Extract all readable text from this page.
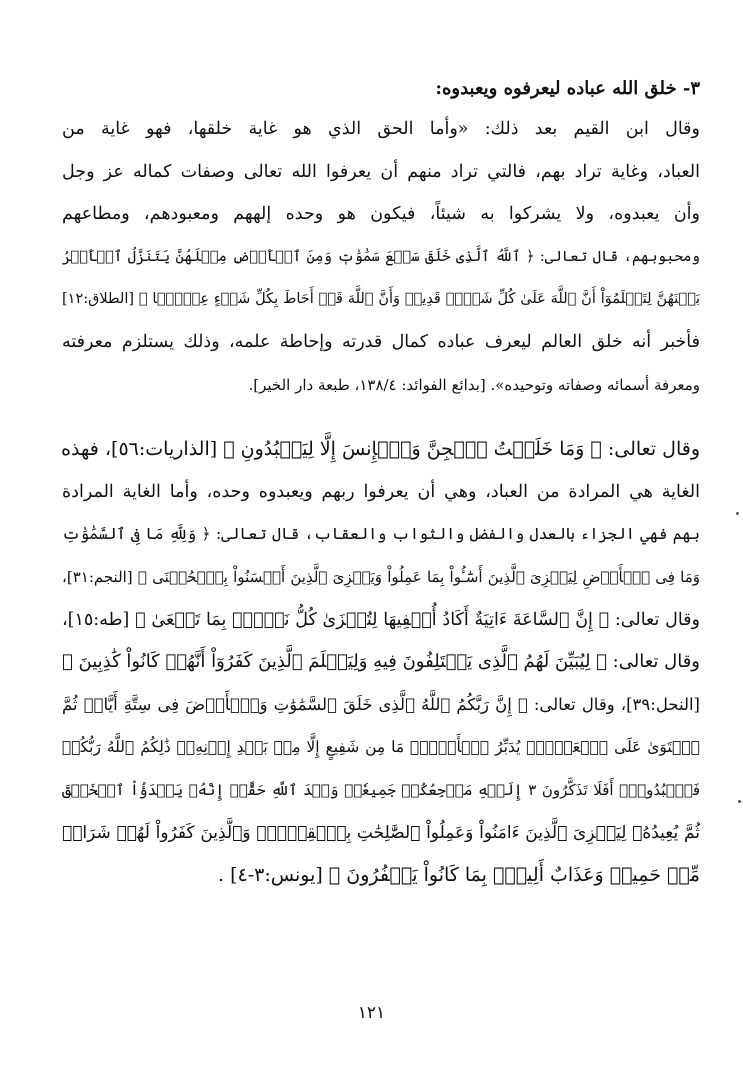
٣- خلق الله عباده ليعرفوه ويعبدوه:
وقال ابن القيم بعد ذلك: «وأما الحق الذي هو غاية خلقها، فهو غاية من
العباد، وغاية تراد بهم، فالتي تراد منهم أن يعرفوا الله تعالى وصفات كماله عز وجل
وأن يعبدوه، ولا يشركوا به شيئاً، فيكون هو وحده إلههم ومعبودهم، ومطاعهم
ومحبوبهم، قال تعالى: ﴿ ٱللَّهُ ٱلَّذِى خَلَقَ سَبۡعَ سَمَٰوَٰتٖ وَمِنَ ٱلۡأَرۡضِ مِثۡلَهُنَّ يَتَنَزَّلُ ٱلۡأَمۡرُ
بَيۡنَهُنَّ لِتَعۡلَمُوٓاْ أَنَّ ٱللَّهَ عَلَىٰ كُلِّ شَيۡءٖ قَدِيرٞ وَأَنَّ ٱللَّهَ قَدۡ أَحَاطَ بِكُلِّ شَيۡءٍ عِلۡمَۢا ﴾ [الطلاق:١٢]
فأخبر أنه خلق العالم ليعرف عباده كمال قدرته وإحاطة علمه، وذلك يستلزم معرفته
ومعرفة أسمائه وصفاته وتوحيده». [بدائع الفوائد: ١٣٨/٤، طبعة دار الخير].
وقال تعالى: ﴿ وَمَا خَلَقۡتُ ٱلۡجِنَّ وَٱلۡإِنسَ إِلَّا لِيَعۡبُدُونِ ﴾ [الذاريات:٥٦]، فهذه
الغاية هي المرادة من العباد، وهي أن يعرفوا ربهم ويعبدوه وحده، وأما الغاية المرادة
بهم فهي الجزاء بالعدل والفضل والثواب والعقاب، قال تعالى: ﴿ وَلِلَّهِ مَا فِى ٱلسَّمَٰوَٰتِ
وَمَا فِى ٱلۡأَرۡضِ لِيَجۡزِىَ ٱلَّذِينَ أَسَٰٓـُٔواْ بِمَا عَمِلُواْ وَيَجۡزِىَ ٱلَّذِينَ أَحۡسَنُواْ بِٱلۡحُسۡنَى ﴾ [النجم:٣١]،
وقال تعالى: ﴿ إِنَّ ٱلسَّاعَةَ ءَاتِيَةٌ أَكَادُ أُخۡفِيهَا لِتُجۡزَىٰ كُلُّ نَفۡسِۭ بِمَا تَسۡعَىٰ ﴾ [طه:١٥]،
وقال تعالى: ﴿ لِيُبَيِّنَ لَهُمُ ٱلَّذِى يَخۡتَلِفُونَ فِيهِ وَلِيَعۡلَمَ ٱلَّذِينَ كَفَرُوٓاْ أَنَّهُمۡ كَانُواْ كَٰذِبِينَ ﴾
[النحل:٣٩]، وقال تعالى: ﴿ إِنَّ رَبَّكُمُ ٱللَّهُ ٱلَّذِى خَلَقَ ٱلسَّمَٰوَٰتِ وَٱلۡأَرۡضَ فِى سِتَّةِ أَيَّامٖ ثُمَّ
ٱسۡتَوَىٰ عَلَى ٱلۡعَرۡشِۖ يُدَبِّرُ ٱلۡأَمۡرَۖ مَا مِن شَفِيعٍ إِلَّا مِنۢ بَعۡدِ إِذۡنِهِۦۚ ذَٰلِكُمُ ٱللَّهُ رَبُّكُمۡ
فَٱعۡبُدُوهُۚ أَفَلَا تَذَكَّرُونَ ٣ إِلَيۡهِ مَرۡجِعُكُمۡ جَمِيعٗاۖ وَعۡدَ ٱللَّهِ حَقًّاۚ إِنَّهُۥ يَبۡدَؤُاْ ٱلۡخَلۡقَ
ثُمَّ يُعِيدُهُۥ لِيَجۡزِىَ ٱلَّذِينَ ءَامَنُواْ وَعَمِلُواْ ٱلصَّٰلِحَٰتِ بِٱلۡقِسۡطِۚ وَٱلَّذِينَ كَفَرُواْ لَهُمۡ شَرَابٞ
مِّنۡ حَمِيمٖ وَعَذَابٌ أَلِيمُۢ بِمَا كَانُواْ يَكۡفُرُونَ ﴾ [يونس:٣-٤] .
١٢١
